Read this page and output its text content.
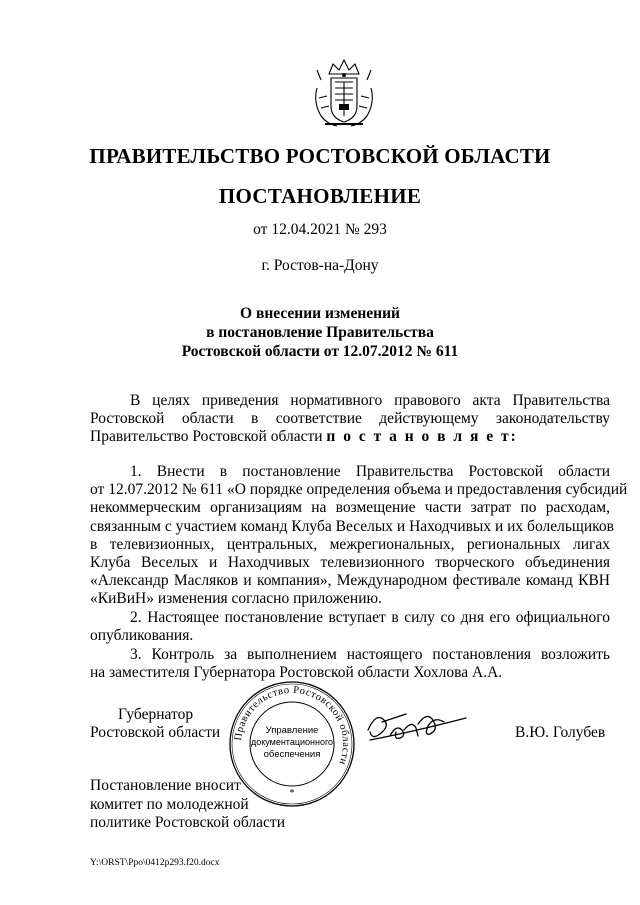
ПРАВИТЕЛЬСТВО РОСТОВСКОЙ ОБЛАСТИ
ПОСТАНОВЛЕНИЕ
от 12.04.2021 № 293
г. Ростов-на-Дону
О внесении изменений
в постановление Правительства
Ростовской области от 12.07.2012 № 611
В целях приведения нормативного правового акта Правительства
Ростовской области в соответствие действующему законодательству
Правительство Ростовской области п о с т а н о в л я е т:
1. Внести в постановление Правительства Ростовской области
от 12.07.2012 № 611 «О порядке определения объема и предоставления субсидий
некоммерческим организациям на возмещение части затрат по расходам,
связанным с участием команд Клуба Веселых и Находчивых и их болельщиков
в телевизионных, центральных, межрегиональных, региональных лигах
Клуба Веселых и Находчивых телевизионного творческого объединения
«Александр Масляков и компания», Международном фестивале команд КВН
«КиВиН» изменения согласно приложению.
2. Настоящее постановление вступает в силу со дня его официального
опубликования.
3. Контроль за выполнением настоящего постановления возложить
на заместителя Губернатора Ростовской области Хохлова А.А.
Губернатор
Ростовской области	В.Ю. Голубев
Правительство Ростовской области
Управление
документационного
обеспечения
*
Постановление вносит
комитет по молодежной
политике Ростовской области
Y:\ORST\Ppo\0412p293.f20.docx
